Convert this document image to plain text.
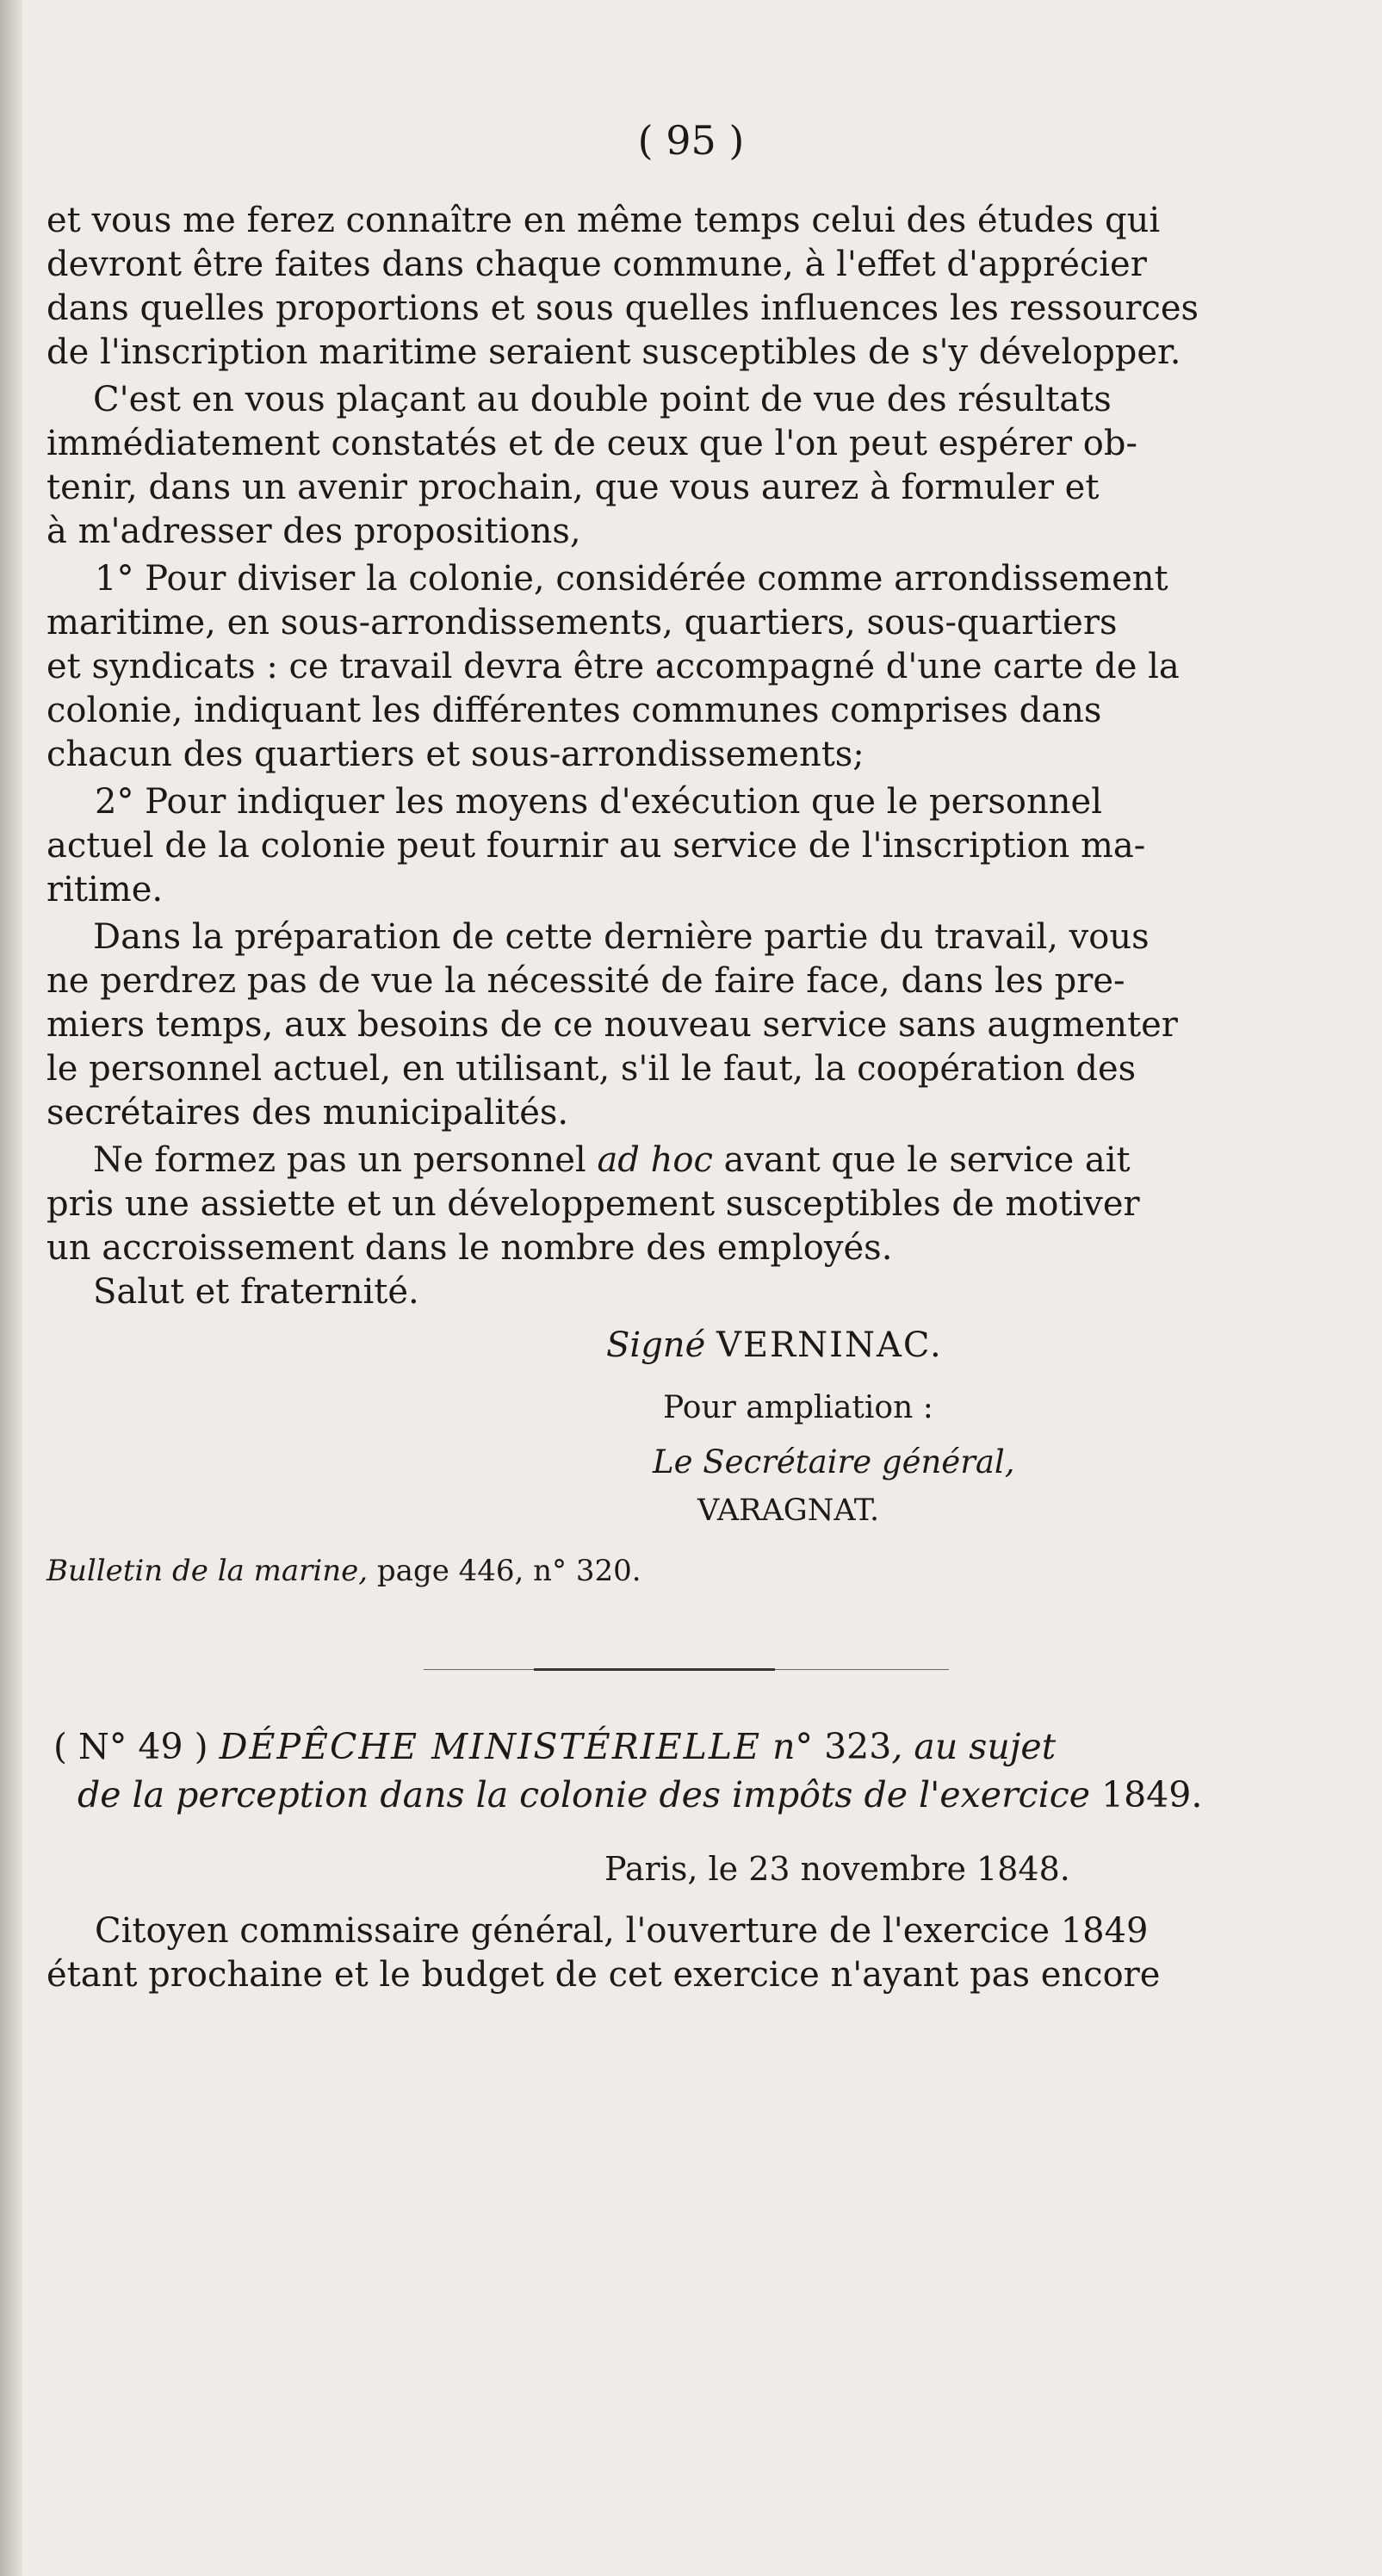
( 95 )
et vous me ferez connaître en même temps celui des études qui
devront être faites dans chaque commune, à l'effet d'apprécier
dans quelles proportions et sous quelles influences les ressources
de l'inscription maritime seraient susceptibles de s'y développer.
C'est en vous plaçant au double point de vue des résultats
immédiatement constatés et de ceux que l'on peut espérer ob-
tenir, dans un avenir prochain, que vous aurez à formuler et
à m'adresser des propositions,
1° Pour diviser la colonie, considérée comme arrondissement
maritime, en sous-arrondissements, quartiers, sous-quartiers
et syndicats : ce travail devra être accompagné d'une carte de la
colonie, indiquant les différentes communes comprises dans
chacun des quartiers et sous-arrondissements;
2° Pour indiquer les moyens d'exécution que le personnel
actuel de la colonie peut fournir au service de l'inscription ma-
ritime.
Dans la préparation de cette dernière partie du travail, vous
ne perdrez pas de vue la nécessité de faire face, dans les pre-
miers temps, aux besoins de ce nouveau service sans augmenter
le personnel actuel, en utilisant, s'il le faut, la coopération des
secrétaires des municipalités.
Ne formez pas un personnel ad hoc avant que le service ait
pris une assiette et un développement susceptibles de motiver
un accroissement dans le nombre des employés.
Salut et fraternité.
Signé VERNINAC.
Pour ampliation :
Le Secrétaire général,
VARAGNAT.
Bulletin de la marine, page 446, n° 320.
( N° 49 ) DÉPÊCHE MINISTÉRIELLE n° 323, au sujet
de la perception dans la colonie des impôts de l'exercice 1849.
Paris, le 23 novembre 1848.
Citoyen commissaire général, l'ouverture de l'exercice 1849
étant prochaine et le budget de cet exercice n'ayant pas encore
